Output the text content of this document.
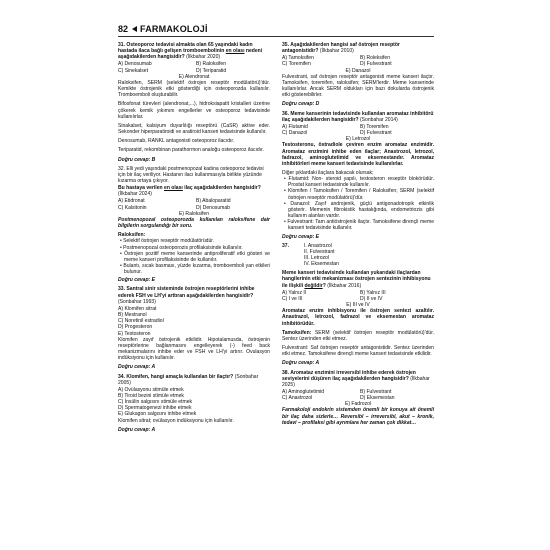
82 FARMAKOLOJİ
31. Osteoporoz tedavisi almakta olan 65 yaşındaki kadın hastada ilaca bağlı gelişen tromboembolinin en olası nedeni aşağıdakilerden hangisidir? (İlkbahar 2020)
A) Denosumab	B) Raloksifen
C) Sinekalset	D) Teriparatid
E) Alendronat

Raloksifen, SERM (selektif östrojen reseptör modülatörü)'dür. Kemikte östrojenik etki göstərdiği için osteoporozda kullanılır. Tromboemboli oluşturabilir.

Bifosfonat türevleri (alendronat,...), hidroksiapatit kristalleri üzerine çökerek kemik yıkımını engellerler ve osteoporoz tedavisinde kullanılırlar.

Sinakalset, kalsiyum duyarlılığı reseptörü (CaSR) aktive eder. Sekonder hiperparatiroidi ve aratiroid kanseri tedavisinde kullanılır.

Denosumab, RANKL antagonisti osteoporoz ilacıdır.

Teriparatid, rekombinan parathormon analoğu osteoporoz ilacıdır.

Doğru cevap: B
32. Elli yedi yaşındaki postmenopozal kadına osteoporoz tedavisi için bir ilaç veriliyor. Hastanın ilacı kullanmasıyla birlikte yüzünde kızarma ortaya çıkıyor.
Bu hastaya verilen en olası ilaç aşağıdakilerden hangisidir? (İlkbahar 2024)
A) Etidronat	B) Abaloparatid
C) Kalsitonin	D) Denosumab
E) Raloksifen

Postmenopozal osteoporozda kullanılan raloksifene dair bilgilerin sorgulandığı bir soru.

Raloksifen:

• Selektif östrojen reseptör modülatörüdür.

• Postmenopozal osteoporozis profilaksisinde kullanılır.

• Östrojen pozitif meme kanserinde antiproliferatif etki gösteri ve meme kanseri profilaksisinde de kullanılır.

• Bulantı, sıcak basması, yüzde kızarma, tromboemboli yan etkileri bulunur.

Doğru cevap: E
33. Santral sinir sisteminde östrojen reseptörlerini inhibe ederek FSH ve LH'yi arttıran aşağıdakilerden hangisidir? (Sonbahar 1993)
A) Klomifen sitrat
B) Mestranol
C) Noretinil estradiol
D) Progesteron
E) Testosteron

Klomifen zayıf östrojenik etkilidir. Hipotalamusda, östrojenin reseptörlerine bağlanmasını engelleyerek (-) feed back mekanizmalarını inhibe eder ve FSH ve LH'yi artırır. Ovulasyon indüksiyonu için kullanılır.

Doğru cevap: A
34. Klomifen, hangi amaçla kullanılan bir ilaçtır? (Sonbahar 2005)
A) Ovülasyonu stimüle etmek
B) Tiroid bezini stimüle etmek
C) İnsülin salgısını stimüle etmek
D) Spermatogenezi inhibe etmek
E) Glukagon salgısını inhibe etmek

Klomifen sitrat; ovülasyon indüksiyonu için kullanılır.

Doğru cevap: A
35. Aşağıdakilerden hangisi saf östrojen reseptör antagonistidir? (İlkbahar 2010)
A) Tamoksifen	B) Roleksifen
C) Toremifen	D) Fulvestrant
E) Danazol

Fulvestrant, saf östrojen reseptör antagonisti meme kanseri ilaçtır. Tamoksifen, toremifen, raloksifen; SERM'lerdir. Meme kanserinde kullanılırlar. Ancak SERM oldukları için bazı dokularda östrojenik etki gösterebilirler.

Doğru cevap: D
36. Meme kanserinin tedavisinde kullanılan aromataz inhibitörü ilaç aşağıdakilerden hangisidir? (Sonbahar 2014)
A) Flutamid	B) Toremifen
C) Danazol	D) Fulvestrant
E) Letrozol

Testosteronu, östradiole çeviren enzim aromataz enzimidir. Aromataz enzimini inhibe eden ilaçlar; Anastrozol, letrozol, fadrazol, aminoglutetimid ve eksemestandır. Aromataz inhibitörleri meme kanseri tedavisinde kullanılırlar.

Diğer şıklardaki ilaçlara bakacak olursak;

• Flutamid: Non- steroid yapılı, testosteron reseptör blokörüdür. Prostat kanseri tedavisinde kullanılır.

• Klomifen / Tamoksifen / Toremifen / Raloksifen; SERM (selektif östrojen reseptör modülatörü)'dür.

• Danazol: Zayıf androjenik, güçlü antigonadotropik etkinlik gösterir. Memenin fibrokistik hastalığında, endometriozis gibi kullanım alanları vardır.

• Fulvestrant: Tam antiöstrojenik ilaçtır. Tamoksifene dirençli meme kanseri tedavisinde kullanılır.

Doğru cevap: E
37.	I. Anastrozol
II. Fulvestrant
III. Letrozol
IV. Eksemestan
Meme kanseri tedavisinde kullanılan yukarıdaki ilaçlardan hangilerinin etki mekanizması östrojen sentezinin inhibisyonu ile ilişkili değildir? (İlkbahar 2016)
A) Yalnız II	B) Yalnız III
C) I ve III	D) II ve IV
E) III ve IV

Aromataz enzim inhibisyonu ile östrojen sentezi azaltılır. Anastrazol, letrozol, fadrazol ve eksemestan aromataz inhibitörüdür.

Tamoksifen: SERM (selektif östrojen reseptör modülatörü)'dür. Sentez üzerinden etki etmez.

Fulvestrant: Saf östrojen reseptör antagonistidir. Sentez üzerinden etki etmez. Tamoksifene dirençli meme kanseri tedavisinde etkilidir.

Doğru cevap: A
38. Aromataz enzimini irreversibl inhibe ederek östrojen seviyelerini düşüren ilaç aşağıdakilerden hangisidir? (İlkbahar 2025)
A) Aminoglutetimid	B) Fulvestrant
C) Anastrozol	D) Eksemestan
E) Fadrozol

Farmakoloji endokrin sistemden önemli bir konuya ait önemli bir ilaç daha sizlerle… Reversibl – irreversibl, akut – kronik, tedavi – profilaksi gibi ayrımlara her zaman çok dikkat…
